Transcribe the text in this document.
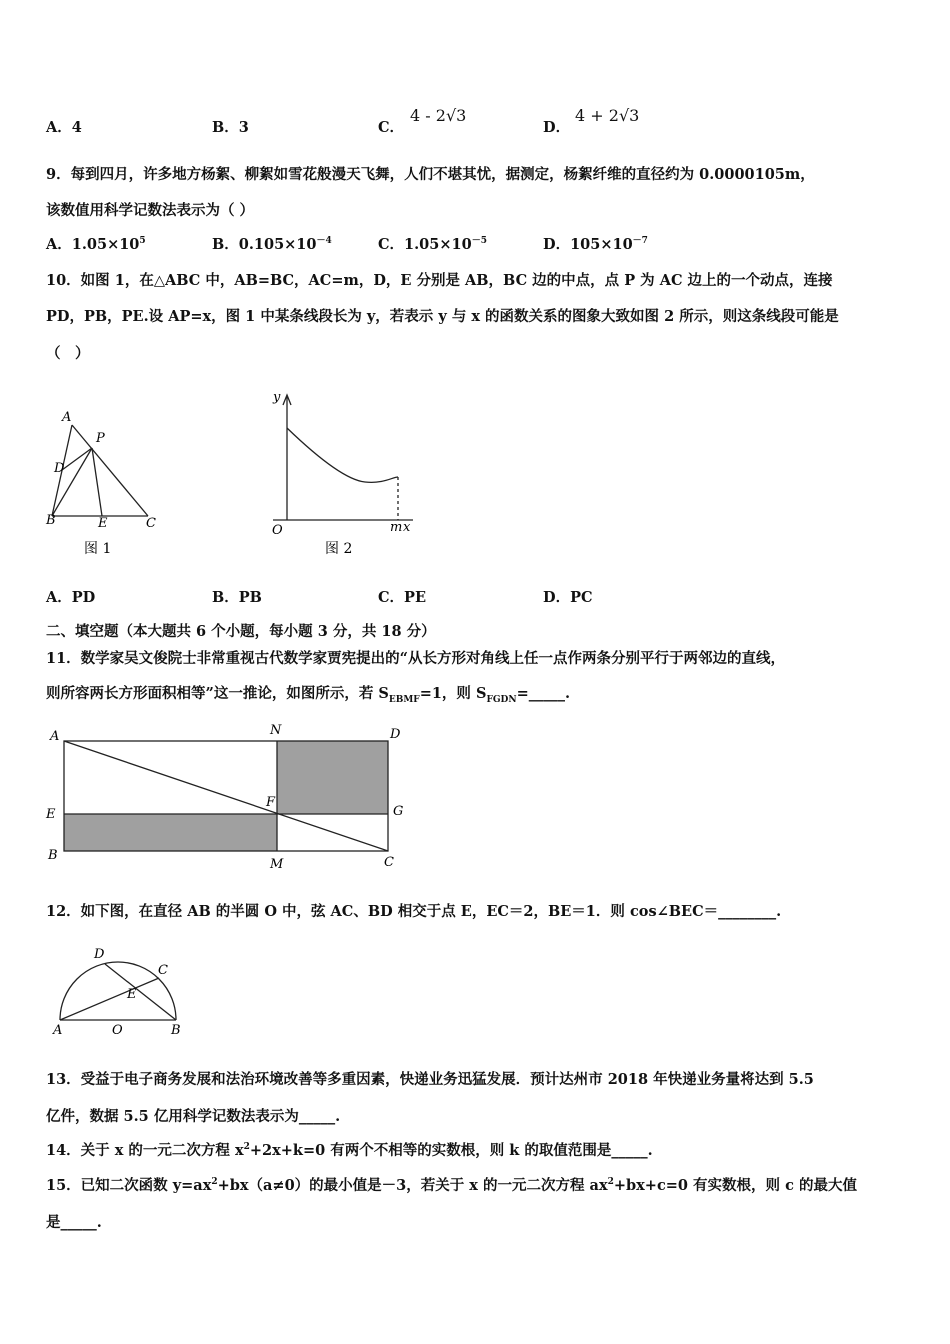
A．4	B．3	C．
4 - 2√3
D．
4 + 2√3
9．每到四月，许多地方杨絮、柳絮如雪花般漫天飞舞，人们不堪其忧，据测定，杨絮纤维的直径约为 0.0000105m，
该数值用科学记数法表示为（ ）
A．$1.05\times 10^5$	B．$0.105\times 10^{-4}$	C．$1.05\times 10^{-5}$	D．$105\times 10^{-7}$
10．如图 1，在△ABC 中，AB=BC，AC=m，D，E 分别是 AB，BC 边的中点，点 P 为 AC 边上的一个动点，连接
PD，PB，PE.设 AP=x，图 1 中某条线段长为 y，若表示 y 与 x 的函数关系的图象大致如图 2 所示，则这条线段可能是
（　）
A
P
D
B	E	C
图 1
y
O	m x
图 2
A．PD	B．PB	C．PE	D．PC
二、填空题（本大题共 6 个小题，每小题 3 分，共 18 分）
11．数学家吴文俊院士非常重视古代数学家贾宪提出的“从长方形对角线上任一点作两条分别平行于两邻边的直线，
则所容两长方形面积相等”这一推论，如图所示，若 $S_{EBMF}=1$，则 $S_{FGDN}=\_\_\_\_\_$.
A	N	D
E
F
G
B
M	C
12．如下图，在直径 AB 的半圆 O 中，弦 AC、BD 相交于点 E，EC＝2，BE＝1．则 cos∠BEC＝________.
D
C
E
A	O	B
13．受益于电子商务发展和法治环境改善等多重因素，快递业务迅猛发展．预计达州市 2018 年快递业务量将达到 5.5
亿件，数据 5.5 亿用科学记数法表示为_____.
14．关于 x 的一元二次方程 $x^2+2x+k=0$ 有两个不相等的实数根，则 k 的取值范围是_____.
15．已知二次函数 $y=ax^2+bx(a\ne 0)$的最小值是－3，若关于 x 的一元二次方程 $ax^2+bx+c=0$ 有实数根，则 c 的最大值
是_____.
